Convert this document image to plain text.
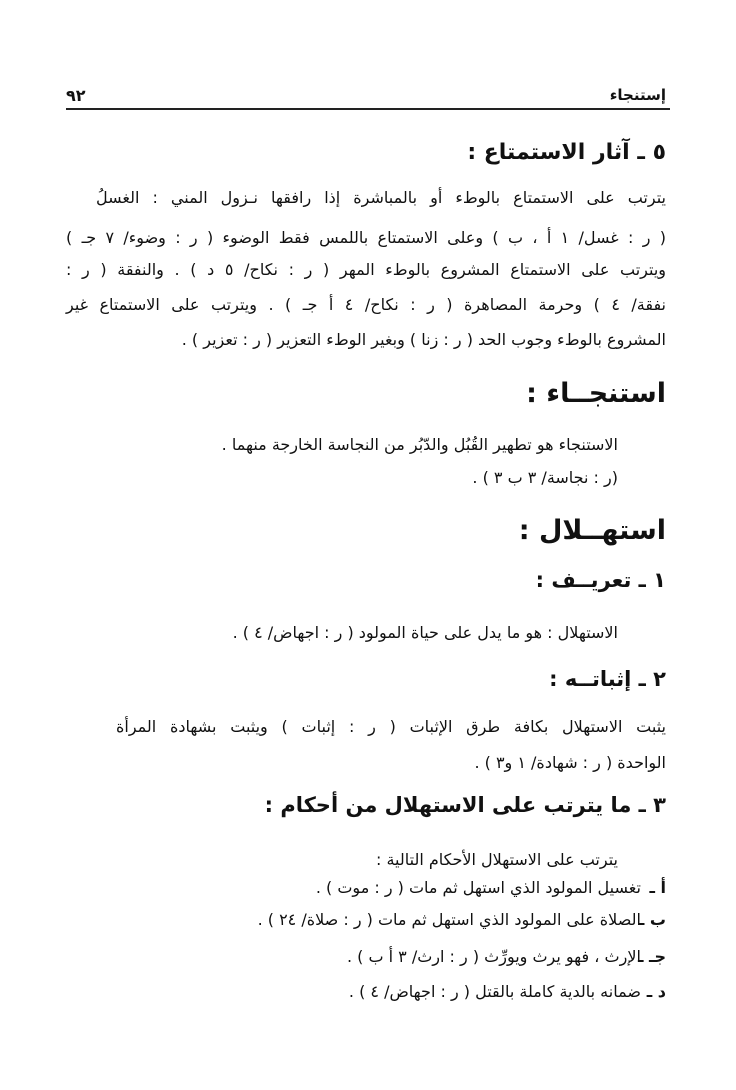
إستنجاء
٩٢
٥ ـ آثار الاستمتاع :
يترتب على الاستمتاع بالوطء أو بالمباشرة إذا رافقها نـزول المني : الغسلُ
( ر : غسل/ ١ أ ، ب ) وعلى الاستمتاع باللمس فقط الوضوء ( ر : وضوء/ ٧ جـ )
ويترتب على الاستمتاع المشروع بالوطء المهر ( ر : نكاح/ ٥ د ) . والنفقة ( ر :
نفقة/ ٤ ) وحرمة المصاهرة ( ر : نكاح/ ٤ أ جـ ) . ويترتب على الاستمتاع غير
المشروع بالوطء وجوب الحد ( ر : زنا ) وبغير الوطء التعزير ( ر : تعزير ) .
استنجــاء :
الاستنجاء هو تطهير القُبُل والدّبُر من النجاسة الخارجة منهما .
(ر : نجاسة/ ٣ ب ٣ ) .
استهــلال :
١ ـ تعريــف :
الاستهلال : هو ما يدل على حياة المولود ( ر : اجهاض/ ٤ ) .
٢ ـ إثباتــه :
يثبت الاستهلال بكافة طرق الإثبات ( ر : إثبات ) ويثبت بشهادة المرأة
الواحدة ( ر : شهادة/ ١ و٣ ) .
٣ ـ ما يترتب على الاستهلال من أحكام :
يترتب على الاستهلال الأحكام التالية :
أ ـ تغسيل المولود الذي استهل ثم مات ( ر : موت ) .
ب ـ الصلاة على المولود الذي استهل ثم مات ( ر : صلاة/ ٢٤ ) .
جـ ـ الإرث ، فهو يرث ويورِّث ( ر : ارث/ ٣ أ ب ) .
د ـ ضمانه بالدية كاملة بالقتل ( ر : اجهاض/ ٤ ) .
